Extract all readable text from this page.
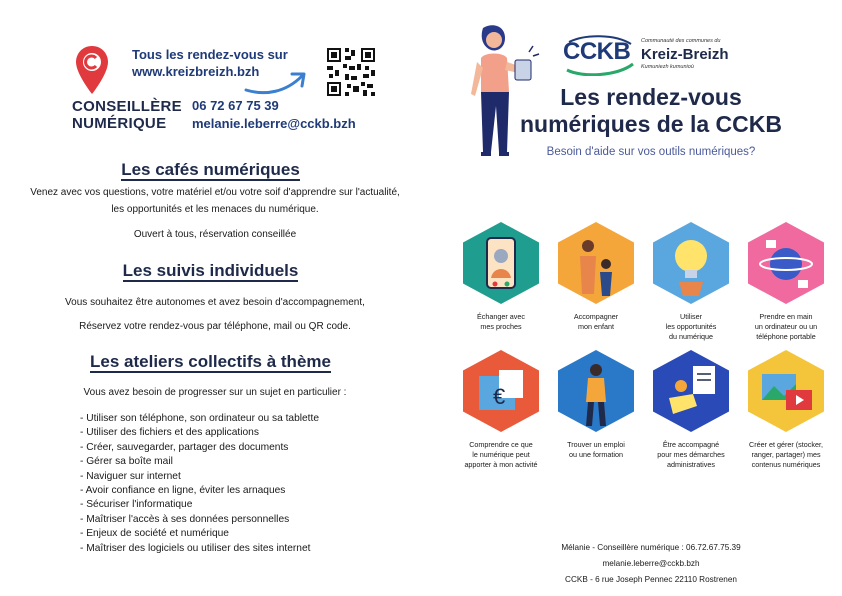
Tous les rendez-vous sur
www.kreizbreizh.bzh
CONSEILLÈRE
NUMÉRIQUE
06 72 67 75 39
melanie.leberre@cckb.bzh
Les cafés numériques
Venez avec vos questions, votre matériel et/ou votre soif d'apprendre sur l'actualité, les opportunités et les menaces du numérique.
Ouvert à tous, réservation conseillée
Les suivis individuels
Vous souhaitez être autonomes et avez besoin d'accompagnement,
Réservez votre rendez-vous par téléphone, mail ou QR code.
Les ateliers collectifs à thème
Vous avez besoin de progresser sur un sujet en particulier :
- Utiliser son téléphone, son ordinateur ou sa tablette
- Utiliser des fichiers et des applications
- Créer, sauvegarder, partager des documents
- Gérer sa boîte mail
- Naviguer sur internet
- Avoir confiance en ligne, éviter les arnaques
- Sécuriser l'informatique
- Maîtriser l'accès à ses données personnelles
- Enjeux de société et numérique
- Maîtriser des logiciels ou utiliser des sites internet
CCKB Communauté des communes du
Kreiz-Breizh
Kumuniezh kumunioù
Les rendez-vous
numériques de la CCKB
Besoin d'aide sur vos outils numériques?
Échanger avec
mes proches
Accompagner
mon enfant
Utiliser
les opportunités
du numérique
Prendre en main
un ordinateur ou un
téléphone portable
€
Comprendre ce que
le numérique peut
apporter à mon activité
Trouver un emploi
ou une formation
Être accompagné
pour mes démarches
administratives
Créer et gérer (stocker,
ranger, partager) mes
contenus numériques
Mélanie - Conseillère numérique : 06.72.67.75.39
melanie.leberre@cckb.bzh
CCKB - 6 rue Joseph Pennec 22110 Rostrenen
